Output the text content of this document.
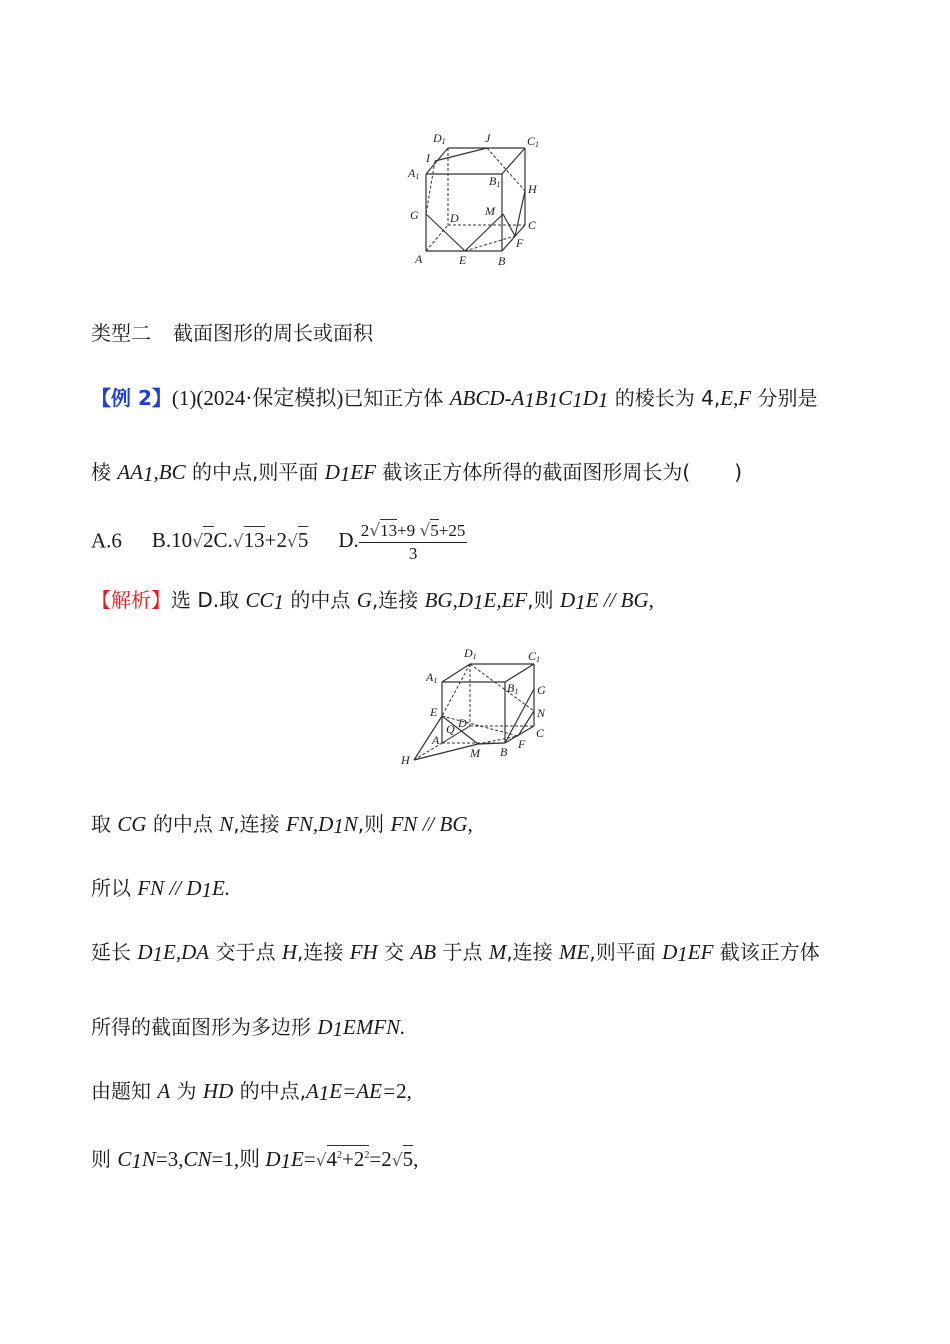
D1	J	C1
I
A1	B1 H
G	D M
C
F
A	E	B
类型二 截面图形的周长或面积
【例 2】(1)(2024·保定模拟)已知正方体 ABCD-$A_1B_1C_1D_1$ 的棱长为 4,E,F 分别是
棱 $AA_1,BC$ 的中点,则平面 $D_1EF$ 截该正方体所得的截面图形周长为( )
A.6 B.10√2C.√13+2√5 D. $\frac{2√13+9 √5+25}{3}$
【解析】选 D.取 $CC_1$ 的中点 G,连接 $BG,D_1E,EF$,则 $D_1E$ // BG,
D1	C1
A1
B1 G
E
D
N
Q
A	C
F
B
M
H
取 CG 的中点 N,连接 $FN,D_1N$,则 FN // BG,
所以 FN // $D_1E$.
延长 $D_1E,DA$ 交于点 H,连接 FH 交 AB 于点 M,连接 ME,则平面 $D_1EF$ 截该正方体
所得的截面图形为多边形 $D_1EMFN$.
由题知 A 为 HD 的中点$,A_1E=AE=2$,
则 $C_1N=3,CN=1$,则 $D_1E=√4^2+2^2=2√5$,
